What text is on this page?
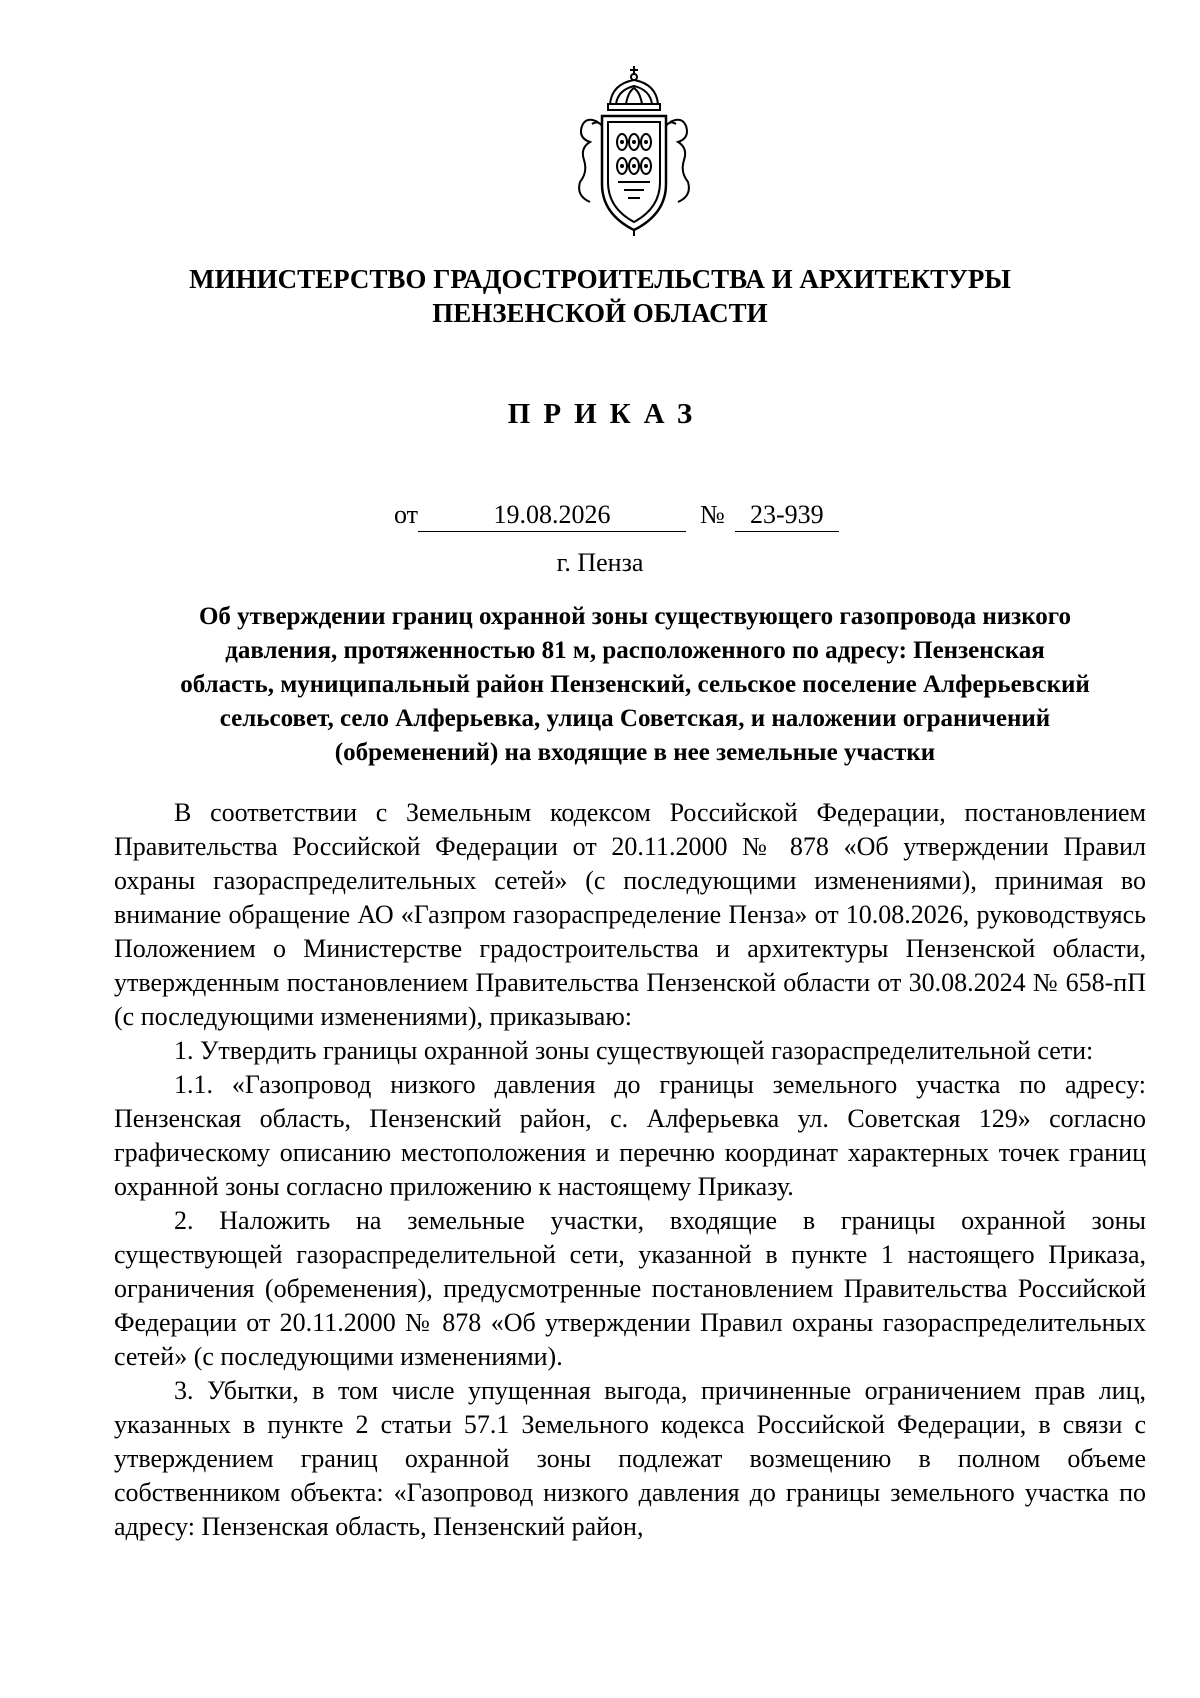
МИНИСТЕРСТВО ГРАДОСТРОИТЕЛЬСТВА И АРХИТЕКТУРЫ
ПЕНЗЕНСКОЙ ОБЛАСТИ
ПРИКАЗ
от	19.08.2026	№ 23-939
г. Пенза
Об утверждении границ охранной зоны существующего газопровода низкого
давления, протяженностью 81 м, расположенного по адресу: Пензенская
область, муниципальный район Пензенский, сельское поселение Алферьевский
сельсовет, село Алферьевка, улица Советская, и наложении ограничений
(обременений) на входящие в нее земельные участки

В соответствии с Земельным кодексом Российской Федерации, постановлением Правительства Российской Федерации от 20.11.2000 № 878 «Об утверждении Правил охраны газораспределительных сетей» (с последующими изменениями), принимая во внимание обращение АО «Газпром газораспределение Пенза» от 10.08.2026, руководствуясь Положением о Министерстве градостроительства и архитектуры Пензенской области, утвержденным постановлением Правительства Пензенской области от 30.08.2024 № 658-пП (с последующими изменениями), приказываю:

1. Утвердить границы охранной зоны существующей газораспределительной сети:

1.1. «Газопровод низкого давления до границы земельного участка по адресу: Пензенская область, Пензенский район, с. Алферьевка ул. Советская 129» согласно графическому описанию местоположения и перечню координат характерных точек границ охранной зоны согласно приложению к настоящему Приказу.

2. Наложить на земельные участки, входящие в границы охранной зоны существующей газораспределительной сети, указанной в пункте 1 настоящего Приказа, ограничения (обременения), предусмотренные постановлением Правительства Российской Федерации от 20.11.2000 № 878 «Об утверждении Правил охраны газораспределительных сетей» (с последующими изменениями).

3. Убытки, в том числе упущенная выгода, причиненные ограничением прав лиц, указанных в пункте 2 статьи 57.1 Земельного кодекса Российской Федерации, в связи с утверждением границ охранной зоны подлежат возмещению в полном объеме собственником объекта: «Газопровод низкого давления до границы земельного участка по адресу: Пензенская область, Пензенский район,
